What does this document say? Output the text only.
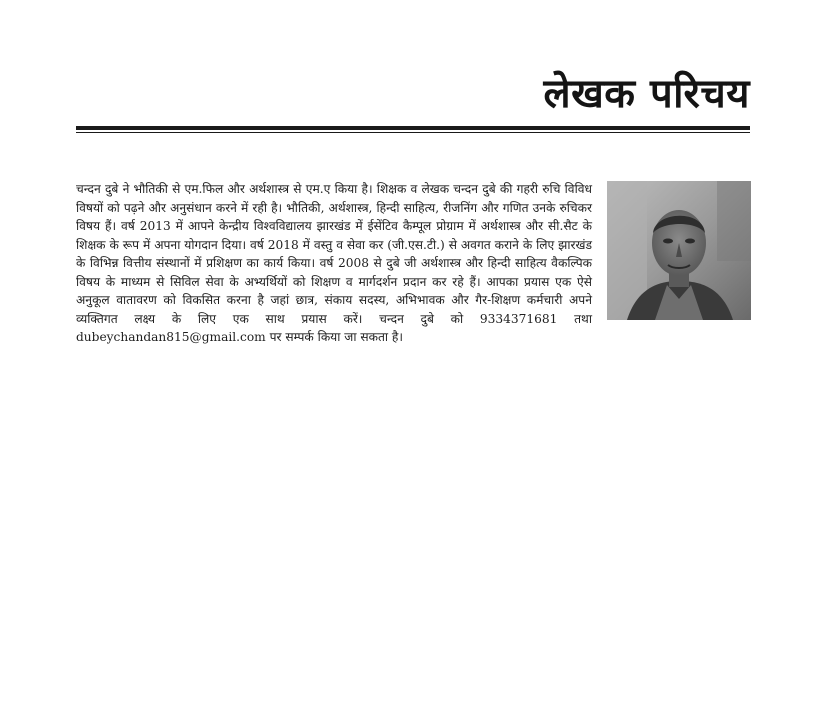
लेखक परिचय

चन्दन दुबे ने भौतिकी से एम.फिल और अर्थशास्त्र से एम.ए किया है। शिक्षक व लेखक चन्दन दुबे की गहरी रुचि विविध विषयों को पढ़ने और अनुसंधान करने में रही है। भौतिकी, अर्थशास्त्र, हिन्दी साहित्य, रीजनिंग और गणित उनके रुचिकर विषय हैं। वर्ष 2013 में आपने केन्द्रीय विश्वविद्यालय झारखंड में ईसेंटिव कैम्पूल प्रोग्राम में अर्थशास्त्र और सी.सैट के शिक्षक के रूप में अपना योगदान दिया। वर्ष 2018 में वस्तु व सेवा कर (जी.एस.टी.) से अवगत कराने के लिए झारखंड के विभिन्न वित्तीय संस्थानों में प्रशिक्षण का कार्य किया। वर्ष 2008 से दुबे जी अर्थशास्त्र और हिन्दी साहित्य वैकल्पिक विषय के माध्यम से सिविल सेवा के अभ्यर्थियों को शिक्षण व मार्गदर्शन प्रदान कर रहे हैं। आपका प्रयास एक ऐसे अनुकूल वातावरण को विकसित करना है जहां छात्र, संकाय सदस्य, अभिभावक और गैर-शिक्षण कर्मचारी अपने व्यक्तिगत लक्ष्य के लिए एक साथ प्रयास करें। चन्दन दुबे को 9334371681 तथा dubeychandan815@gmail.com पर सम्पर्क किया जा सकता है।
